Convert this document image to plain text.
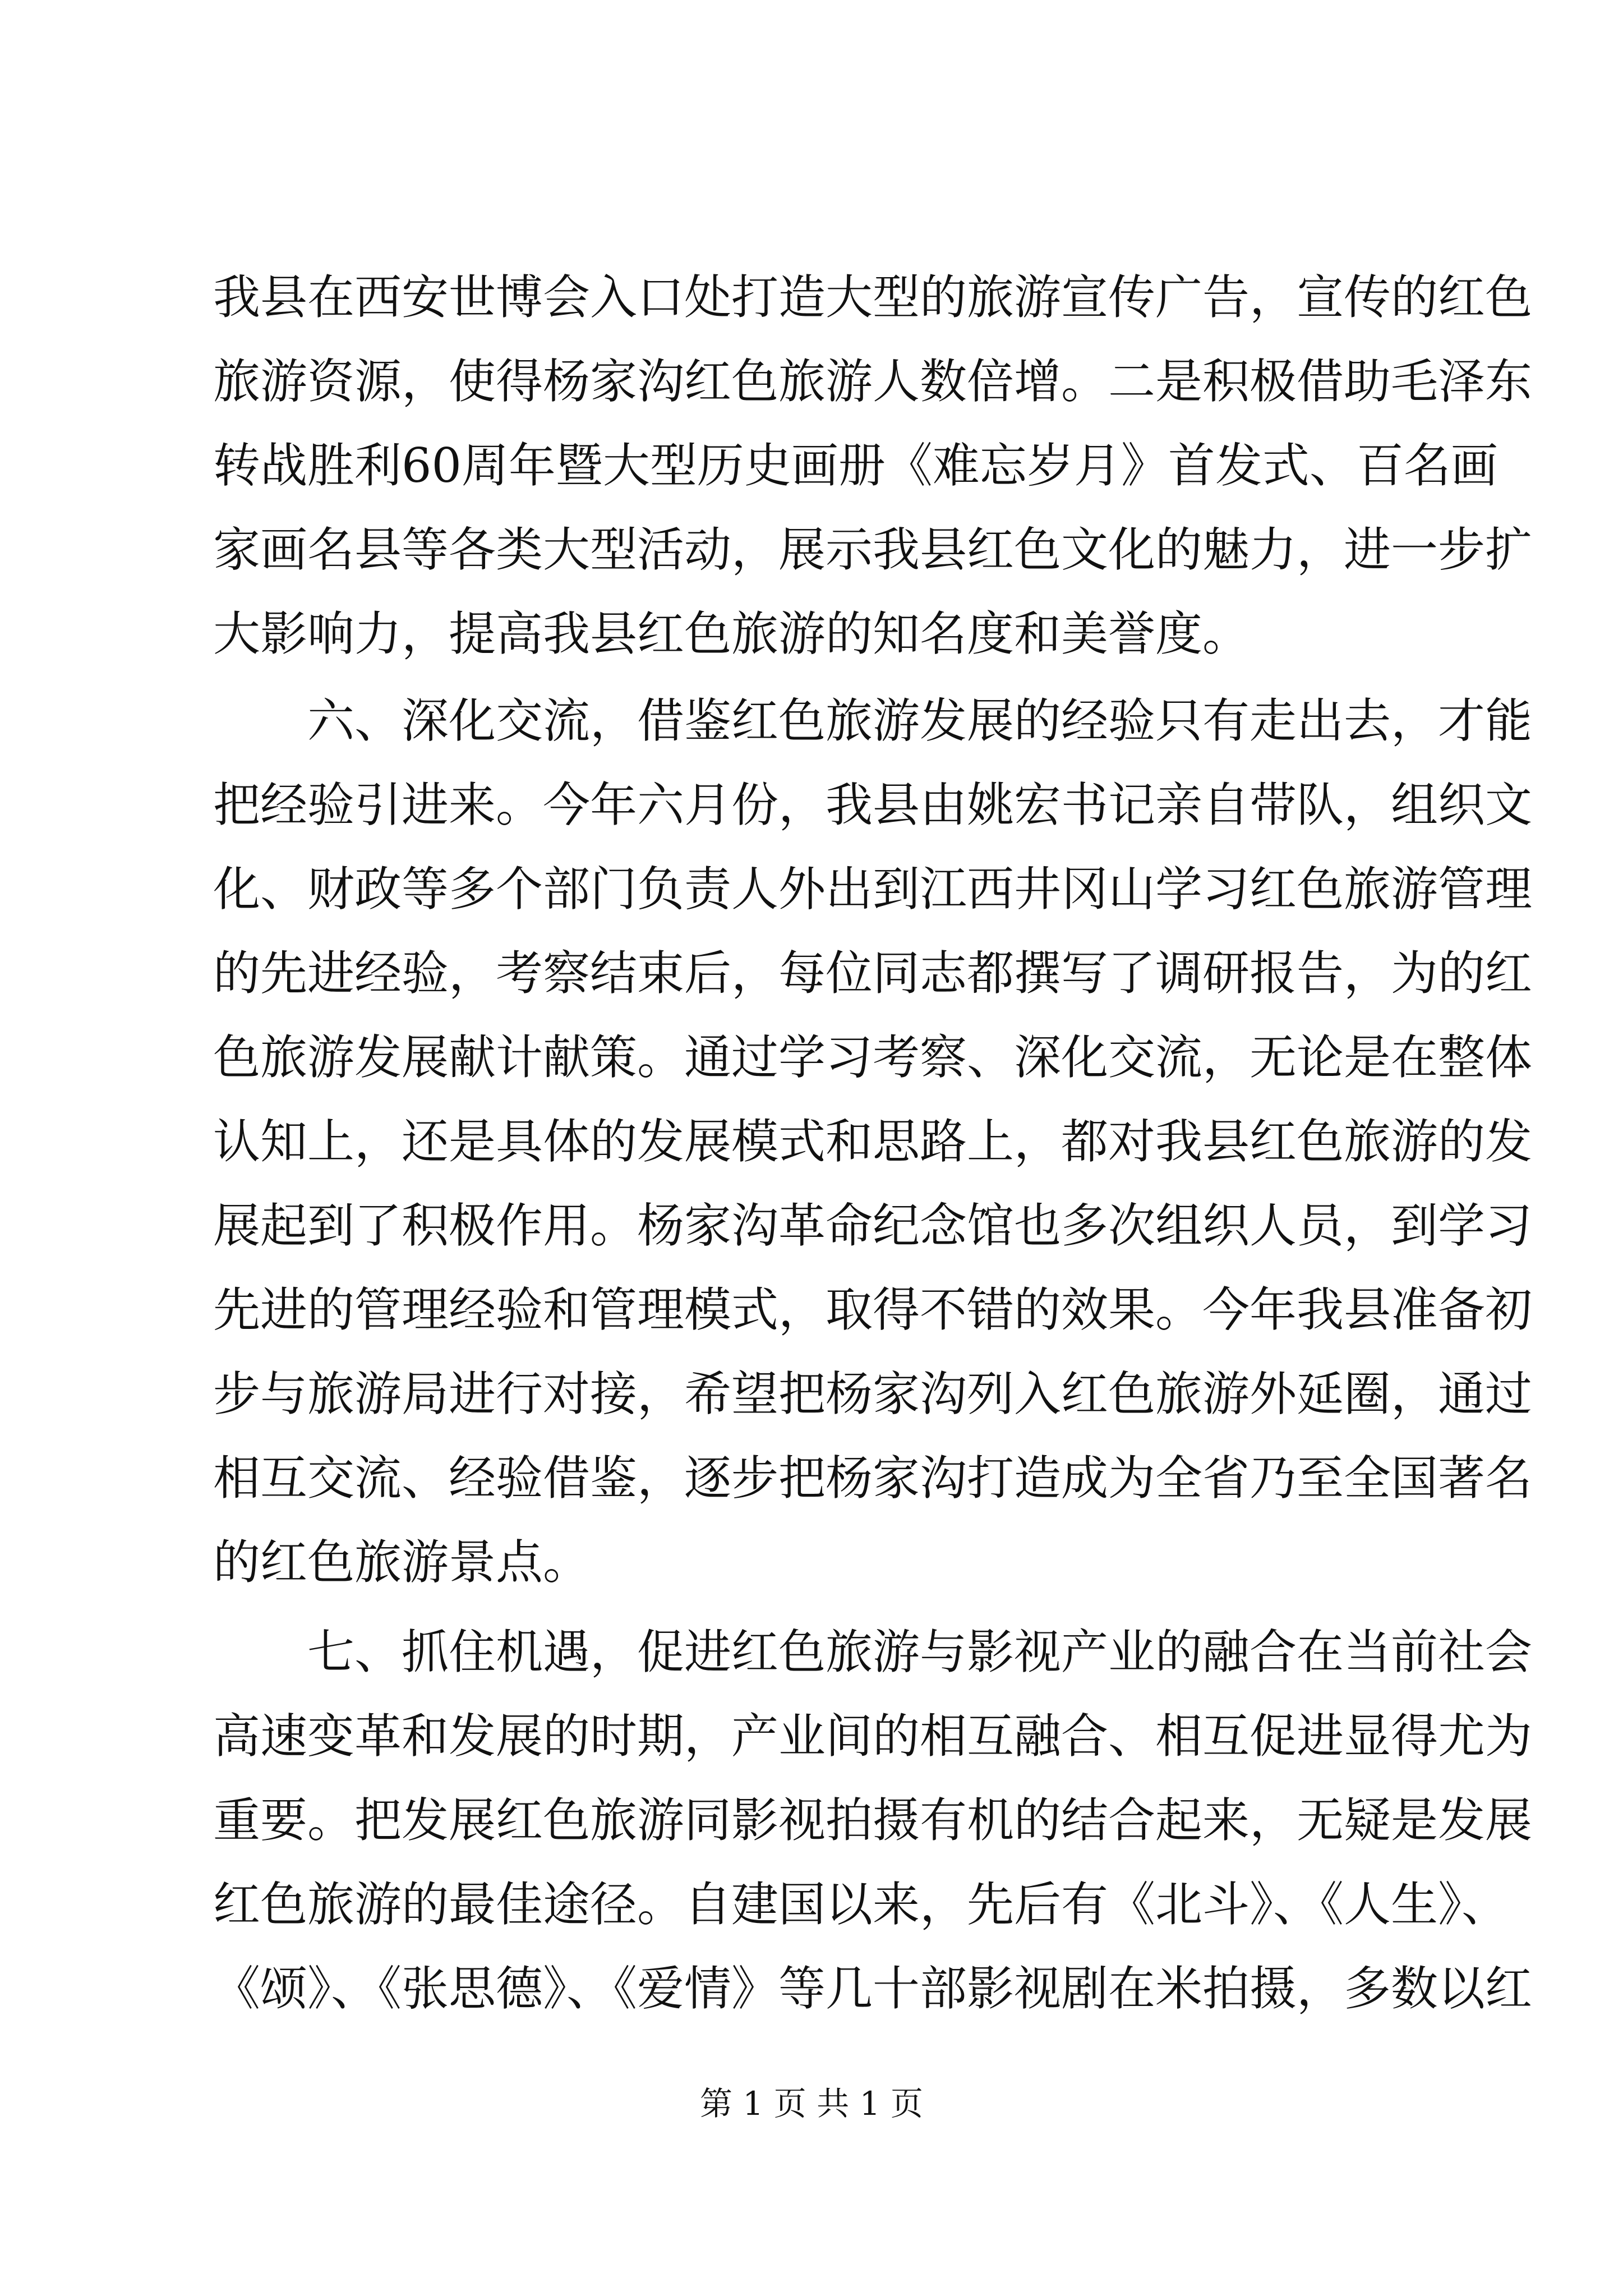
我县在西安世博会入口处打造大型的旅游宣传广告，宣传的红色
旅游资源，使得杨家沟红色旅游人数倍增。二是积极借助毛泽东
转战胜利60周年暨大型历史画册《难忘岁月》首发式、百名画
家画名县等各类大型活动，展示我县红色文化的魅力，进一步扩
大影响力，提高我县红色旅游的知名度和美誉度。
六、深化交流，借鉴红色旅游发展的经验只有走出去，才能
把经验引进来。今年六月份，我县由姚宏书记亲自带队，组织文
化、财政等多个部门负责人外出到江西井冈山学习红色旅游管理
的先进经验，考察结束后，每位同志都撰写了调研报告，为的红
色旅游发展献计献策。通过学习考察、深化交流，无论是在整体
认知上，还是具体的发展模式和思路上，都对我县红色旅游的发
展起到了积极作用。杨家沟革命纪念馆也多次组织人员，到学习
先进的管理经验和管理模式，取得不错的效果。今年我县准备初
步与旅游局进行对接，希望把杨家沟列入红色旅游外延圈，通过
相互交流、经验借鉴，逐步把杨家沟打造成为全省乃至全国著名
的红色旅游景点。
七、抓住机遇，促进红色旅游与影视产业的融合在当前社会
高速变革和发展的时期，产业间的相互融合、相互促进显得尤为
重要。把发展红色旅游同影视拍摄有机的结合起来，无疑是发展
红色旅游的最佳途径。自建国以来，先后有《北斗》、《人生》、
《颂》、《张思德》、《爱情》等几十部影视剧在米拍摄，多数以红
第 1 页 共 1 页
